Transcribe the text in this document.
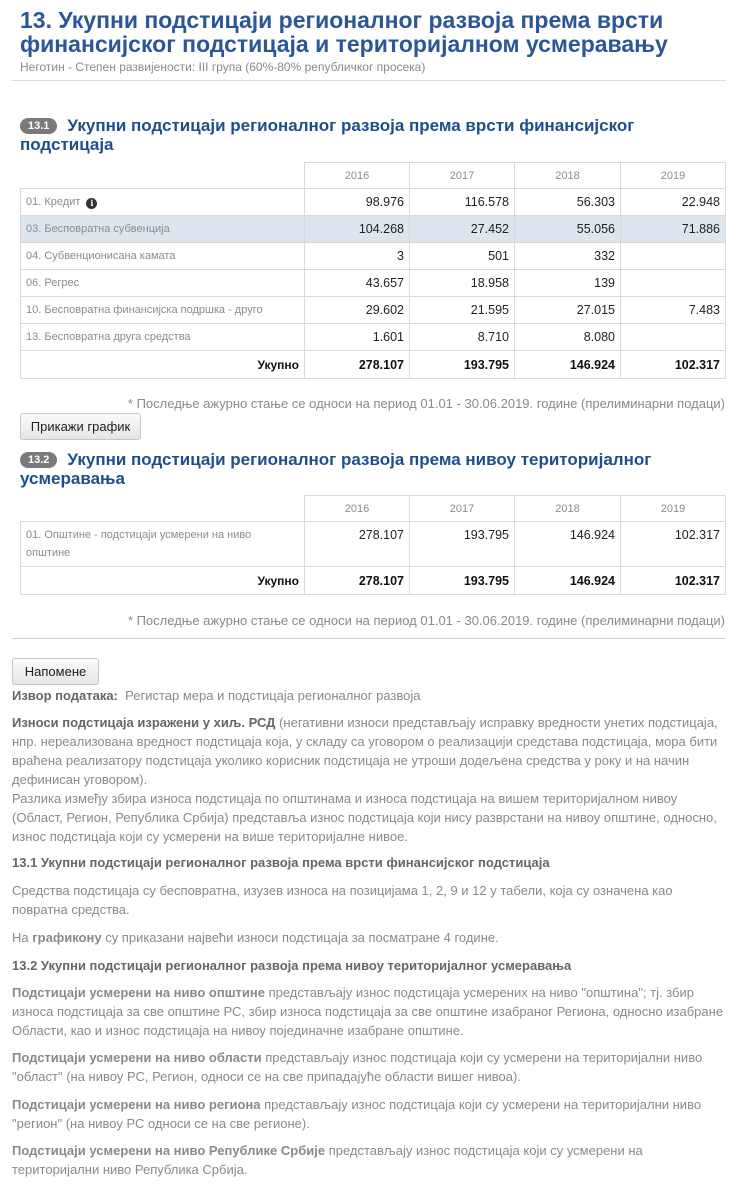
13. Укупни подстицаји регионалног развоја према врсти финансијског подстицаја и територијалном усмеравању
Неготин - Степен развијености: III група (60%-80% републичког просека)
13.1 Укупни подстицаји регионалног развоја према врсти финансијског подстицаја
	2016	2017	2018	2019
01. Кредит i	98.976	116.578	56.303	22.948
03. Бесповратна субвенција	104.268	27.452	55.056	71.886
04. Субвенционисана камата	3	501	332	
06. Регрес	43.657	18.958	139	
10. Бесповратна финансијска подршка - друго	29.602	21.595	27.015	7.483
13. Бесповратна друга средства	1.601	8.710	8.080	
Укупно	278.107	193.795	146.924	102.317
* Последње ажурно стање се односи на период 01.01 - 30.06.2019. године (прелиминарни подаци)
Прикажи график
13.2 Укупни подстицаји регионалног развоја према нивоу територијалног усмеравања
	2016	2017	2018	2019
01. Општине - подстицаји усмерени на ниво општине	278.107	193.795	146.924	102.317
Укупно	278.107	193.795	146.924	102.317
* Последње ажурно стање се односи на период 01.01 - 30.06.2019. године (прелиминарни подаци)
Напомене
Извор података: Регистар мера и подстицаја регионалног развоја
Износи подстицаја изражени у хиљ. РСД (негативни износи представљају исправку вредности унетих подстицаја, нпр. нереализована вредност подстицаја која, у складу са уговором о реализацији средстава подстицаја, мора бити враћена реализатору подстицаја уколико корисник подстицаја не утроши додељена средства у року и на начин дефинисан уговором).
Разлика између збира износа подстицаја по општинама и износа подстицаја на вишем територијалном нивоу (Област, Регион, Република Србија) представља износ подстицаја који нису разврстани на нивоу општине, односно, износ подстицаја који су усмерени на више територијалне нивое.
13.1 Укупни подстицаји регионалног развоја према врсти финансијског подстицаја
Средства подстицаја су бесповратна, изузев износа на позицијама 1, 2, 9 и 12 у табели, која су означена као повратна средства.
На графикону су приказани највећи износи подстицаја за посматране 4 године.
13.2 Укупни подстицаји регионалног развоја према нивоу територијалног усмеравања
Подстицаји усмерени на ниво општине представљају износ подстицаја усмерених на ниво "општина"; тј. збир износа подстицаја за све општине РС, збир износа подстицаја за све општине изабраног Региона, односно изабране Области, као и износ подстицаја на нивоу појединачне изабране општине.
Подстицаји усмерени на ниво области представљају износ подстицаја који су усмерени на територијални ниво "област" (на нивоу РС, Регион, односи се на све припадајуће области вишег нивоа).
Подстицаји усмерени на ниво региона представљају износ подстицаја који су усмерени на територијални ниво "регион" (на нивоу РС односи се на све регионе).
Подстицаји усмерени на ниво Републике Србије представљају износ подстицаја који су усмерени на територијални ниво Република Србија.
